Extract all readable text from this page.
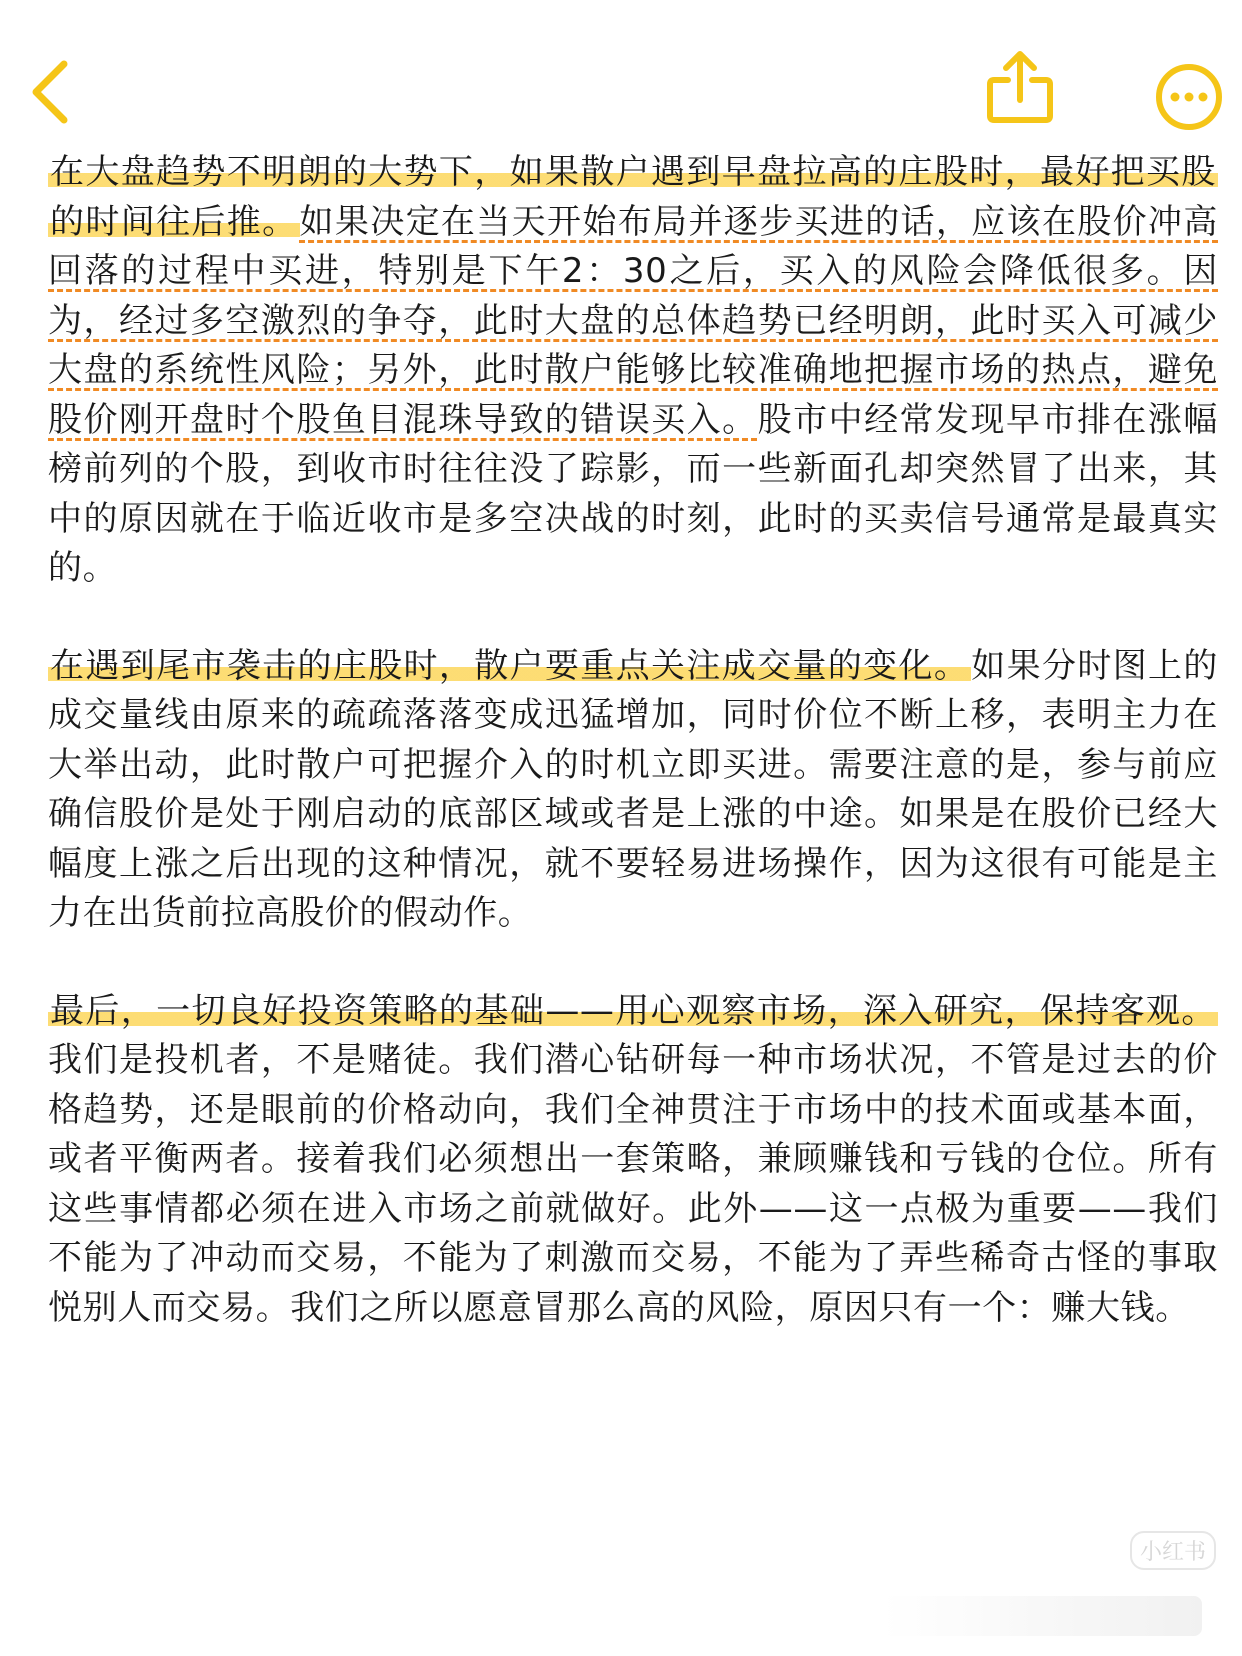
在大盘趋势不明朗的大势下，如果散户遇到早盘拉高的庄股时，最好把买股的时间往后推。如果决定在当天开始布局并逐步买进的话，应该在股价冲高回落的过程中买进，特别是下午2：30之后，买入的风险会降低很多。因为，经过多空激烈的争夺，此时大盘的总体趋势已经明朗，此时买入可减少大盘的系统性风险；另外，此时散户能够比较准确地把握市场的热点，避免股价刚开盘时个股鱼目混珠导致的错误买入。股市中经常发现早市排在涨幅榜前列的个股，到收市时往往没了踪影，而一些新面孔却突然冒了出来，其中的原因就在于临近收市是多空决战的时刻，此时的买卖信号通常是最真实的。

在遇到尾市袭击的庄股时，散户要重点关注成交量的变化。如果分时图上的成交量线由原来的疏疏落落变成迅猛增加，同时价位不断上移，表明主力在大举出动，此时散户可把握介入的时机立即买进。需要注意的是，参与前应确信股价是处于刚启动的底部区域或者是上涨的中途。如果是在股价已经大幅度上涨之后出现的这种情况，就不要轻易进场操作，因为这很有可能是主力在出货前拉高股价的假动作。

最后，一切良好投资策略的基础——用心观察市场，深入研究，保持客观。我们是投机者，不是赌徒。我们潜心钻研每一种市场状况，不管是过去的价格趋势，还是眼前的价格动向，我们全神贯注于市场中的技术面或基本面，或者平衡两者。接着我们必须想出一套策略，兼顾赚钱和亏钱的仓位。所有这些事情都必须在进入市场之前就做好。此外——这一点极为重要——我们不能为了冲动而交易，不能为了刺激而交易，不能为了弄些稀奇古怪的事取悦别人而交易。我们之所以愿意冒那么高的风险，原因只有一个：赚大钱。

小红书
